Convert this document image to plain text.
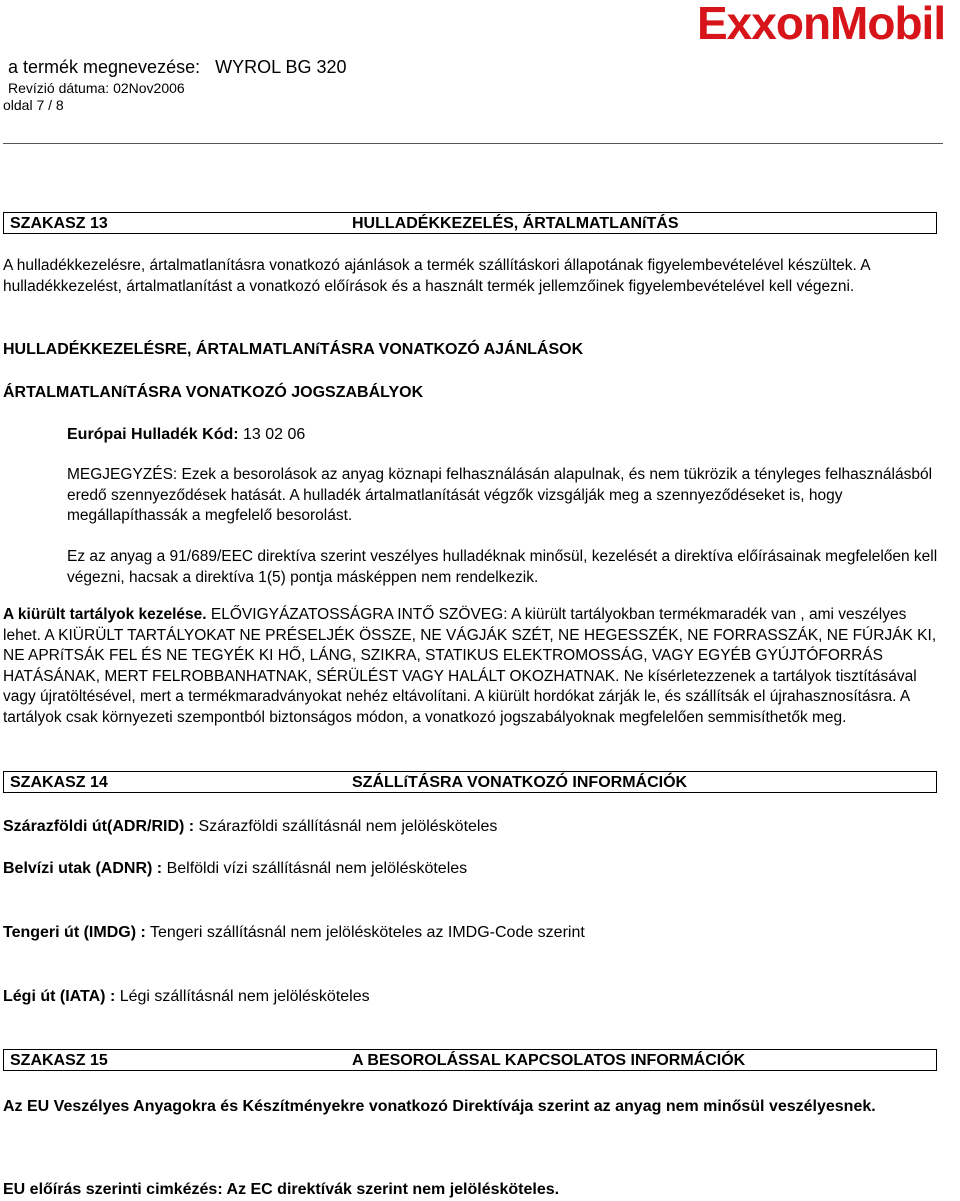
ExxonMobil
a termék megnevezése: WYROL BG 320
Revízió dátuma: 02Nov2006
oldal 7 / 8
SZAKASZ 13	HULLADÉKKEZELÉS, ÁRTALMATLANíTÁS
A hulladékkezelésre, ártalmatlanításra vonatkozó ajánlások a termék szállításkori állapotának figyelembevételével készültek. A hulladékkezelést, ártalmatlanítást a vonatkozó előírások és a használt termék jellemzőinek figyelembevételével kell végezni.
HULLADÉKKEZELÉSRE, ÁRTALMATLANíTÁSRA VONATKOZÓ AJÁNLÁSOK
ÁRTALMATLANíTÁSRA VONATKOZÓ JOGSZABÁLYOK
Európai Hulladék Kód: 13 02 06
MEGJEGYZÉS: Ezek a besorolások az anyag köznapi felhasználásán alapulnak, és nem tükrözik a tényleges felhasználásból eredő szennyeződések hatását. A hulladék ártalmatlanítását végzők vizsgálják meg a szennyeződéseket is, hogy megállapíthassák a megfelelő besorolást.
Ez az anyag a 91/689/EEC direktíva szerint veszélyes hulladéknak minősül, kezelését a direktíva előírásainak megfelelően kell végezni, hacsak a direktíva 1(5) pontja másképpen nem rendelkezik.
A kiürült tartályok kezelése. ELŐVIGYÁZATOSSÁGRA INTŐ SZÖVEG: A kiürült tartályokban termékmaradék van , ami veszélyes lehet. A KIÜRÜLT TARTÁLYOKAT NE PRÉSELJÉK ÖSSZE, NE VÁGJÁK SZÉT, NE HEGESSZÉK, NE FORRASSZÁK, NE FÚRJÁK KI, NE APRíTSÁK FEL ÉS NE TEGYÉK KI HŐ, LÁNG, SZIKRA, STATIKUS ELEKTROMOSSÁG, VAGY EGYÉB GYÚJTÓFORRÁS HATÁSÁNAK, MERT FELROBBANHATNAK, SÉRÜLÉST VAGY HALÁLT OKOZHATNAK. Ne kísérletezzenek a tartályok tisztításával vagy újratöltésével, mert a termékmaradványokat nehéz eltávolítani. A kiürült hordókat zárják le, és szállítsák el újrahasznosításra. A tartályok csak környezeti szempontból biztonságos módon, a vonatkozó jogszabályoknak megfelelően semmisíthetők meg.
SZAKASZ 14	SZÁLLíTÁSRA VONATKOZÓ INFORMÁCIÓK
Szárazföldi út(ADR/RID) : Szárazföldi szállításnál nem jelölésköteles
Belvízi utak (ADNR) : Belföldi vízi szállításnál nem jelölésköteles
Tengeri út (IMDG) : Tengeri szállításnál nem jelölésköteles az IMDG-Code szerint
Légi út (IATA) : Légi szállításnál nem jelölésköteles
SZAKASZ 15	A BESOROLÁSSAL KAPCSOLATOS INFORMÁCIÓK
Az EU Veszélyes Anyagokra és Készítményekre vonatkozó Direktívája szerint az anyag nem minősül veszélyesnek.
EU előírás szerinti cimkézés: Az EC direktívák szerint nem jelölésköteles.
